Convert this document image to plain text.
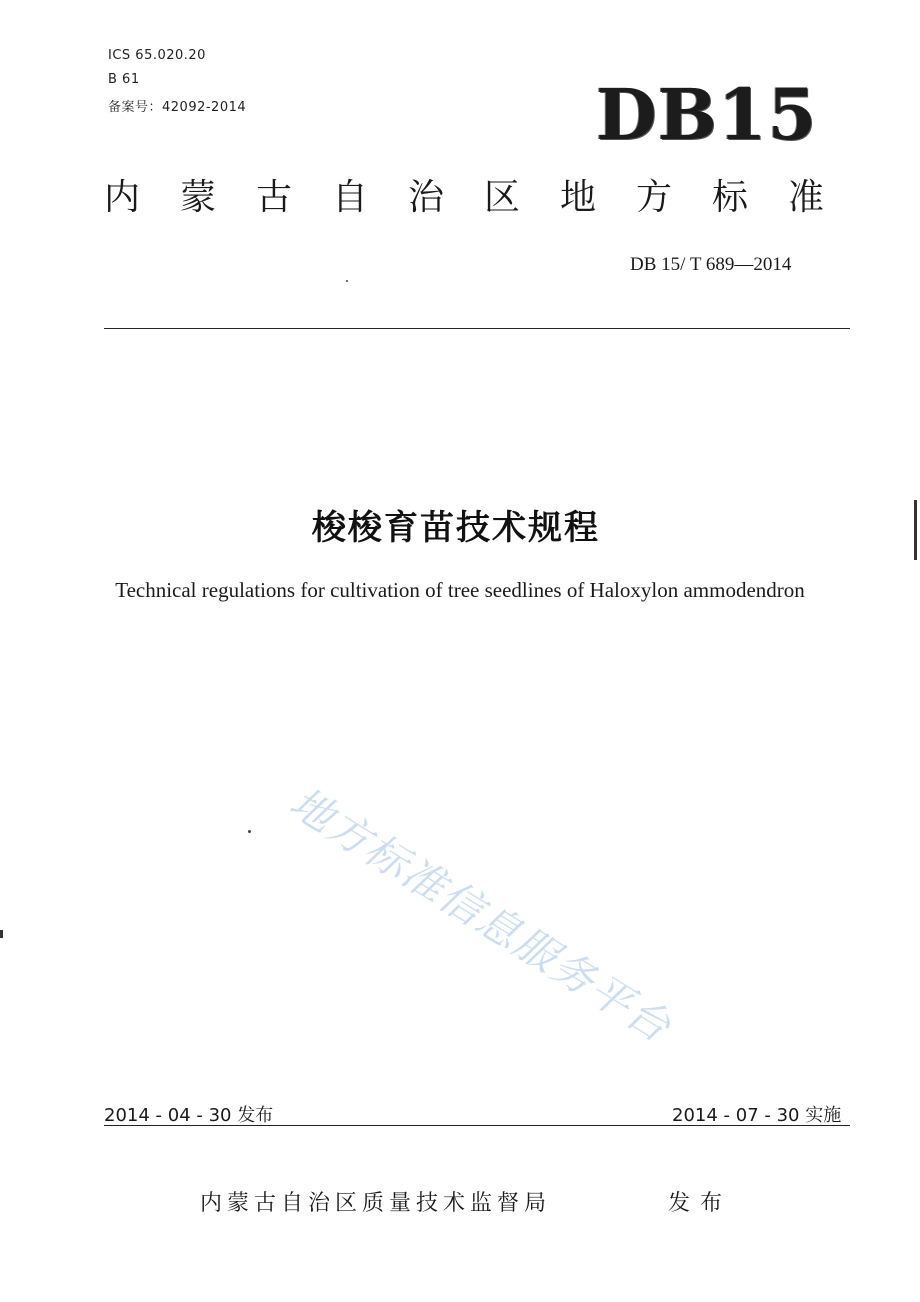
ICS 65.020.20
B 61
备案号：42092-2014	DB15
内蒙古自治区地方标准
DB 15/ T 689—2014
梭梭育苗技术规程
Technical regulations for cultivation of tree seedlines of Haloxylon ammodendron
地方标准信息服务平台
2014 - 04 - 30 发布	2014 - 07 - 30 实施
内蒙古自治区质量技术监督局	发布
